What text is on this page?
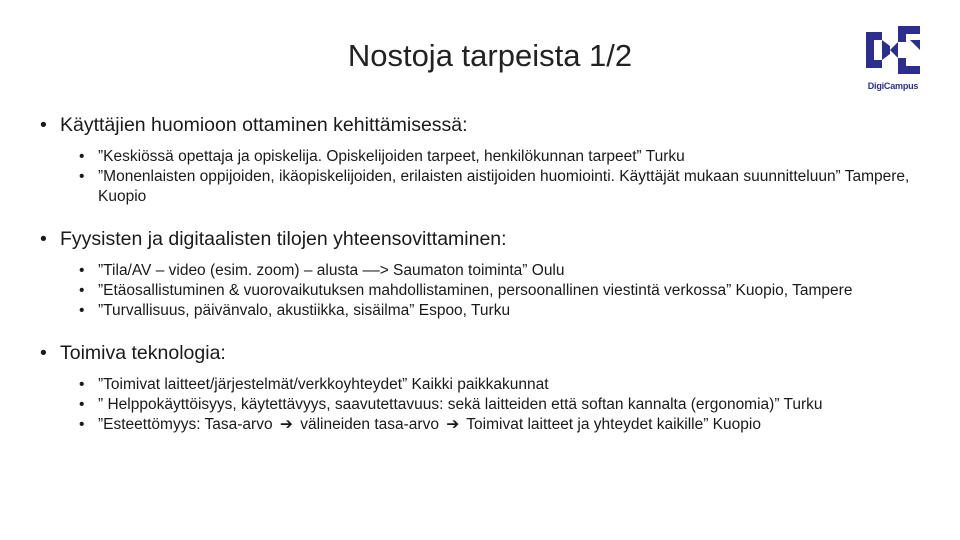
Nostoja tarpeista 1/2
DigiCampus
• Käyttäjien huomioon ottaminen kehittämisessä:
• ”Keskiössä opettaja ja opiskelija. Opiskelijoiden tarpeet, henkilökunnan tarpeet” Turku
• ”Monenlaisten oppijoiden, ikäopiskelijoiden, erilaisten aistijoiden huomiointi. Käyttäjät mukaan suunnitteluun” Tampere, Kuopio
• Fyysisten ja digitaalisten tilojen yhteensovittaminen:
• ”Tila/AV – video (esim. zoom) – alusta ––> Saumaton toiminta” Oulu
• ”Etäosallistuminen & vuorovaikutuksen mahdollistaminen, persoonallinen viestintä verkossa” Kuopio, Tampere
• ”Turvallisuus, päivänvalo, akustiikka, sisäilma” Espoo, Turku
• Toimiva teknologia:
• ”Toimivat laitteet/järjestelmät/verkkoyhteydet” Kaikki paikkakunnat
• ” Helppokäyttöisyys, käytettävyys, saavutettavuus: sekä laitteiden että softan kannalta (ergonomia)” Turku
• ”Esteettömyys: Tasa-arvo ➔ välineiden tasa-arvo ➔ Toimivat laitteet ja yhteydet kaikille” Kuopio
